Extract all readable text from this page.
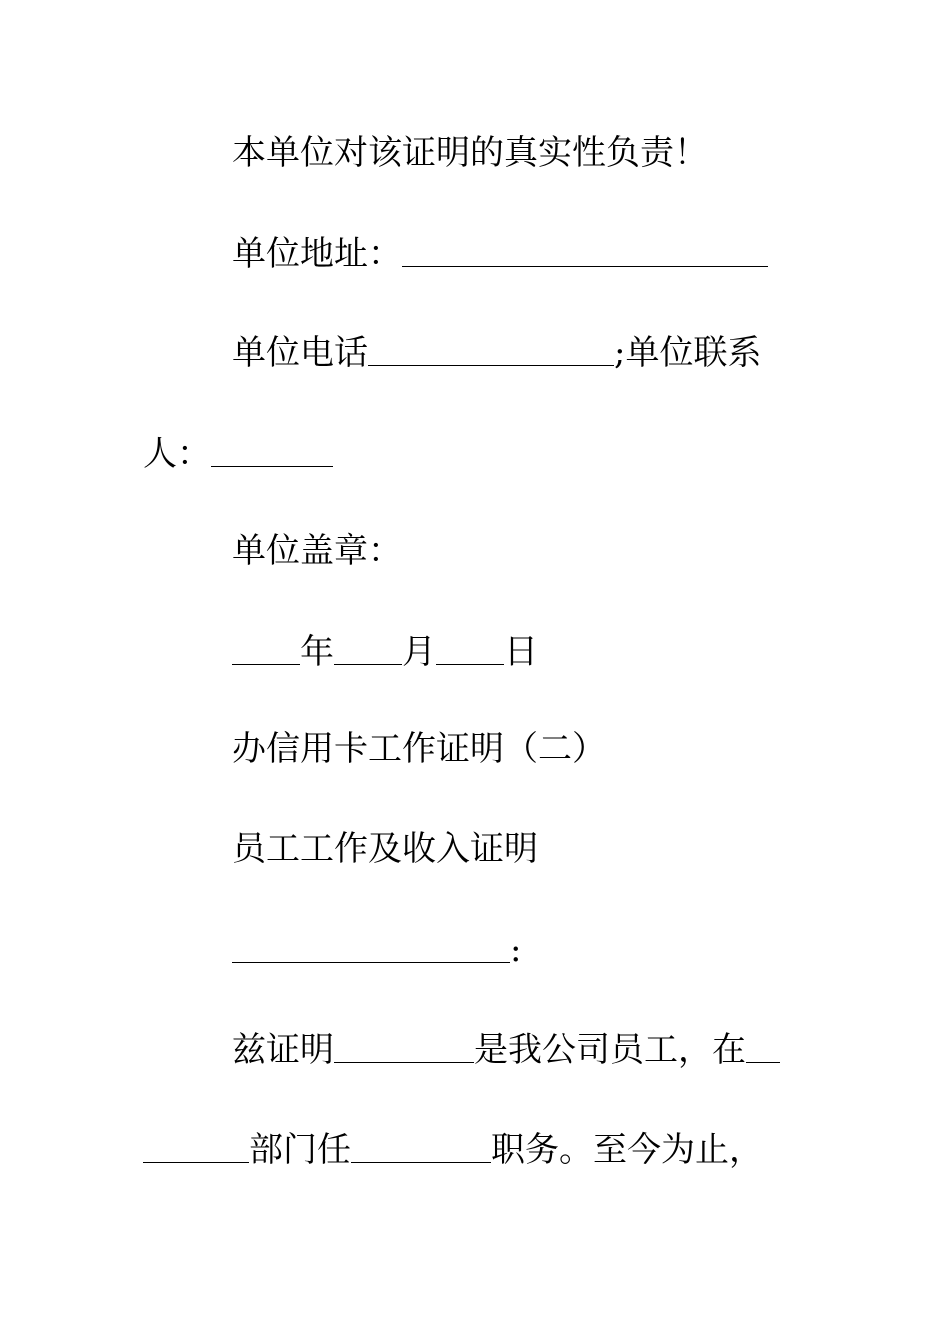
本单位对该证明的真实性负责！
单位地址：
单位电话	;单位联系
人：
单位盖章：
年 月 日
办信用卡工作证明（二）
员工工作及收入证明
:
兹证明	是我公司员工，在
部门任	职务。至今为止，
